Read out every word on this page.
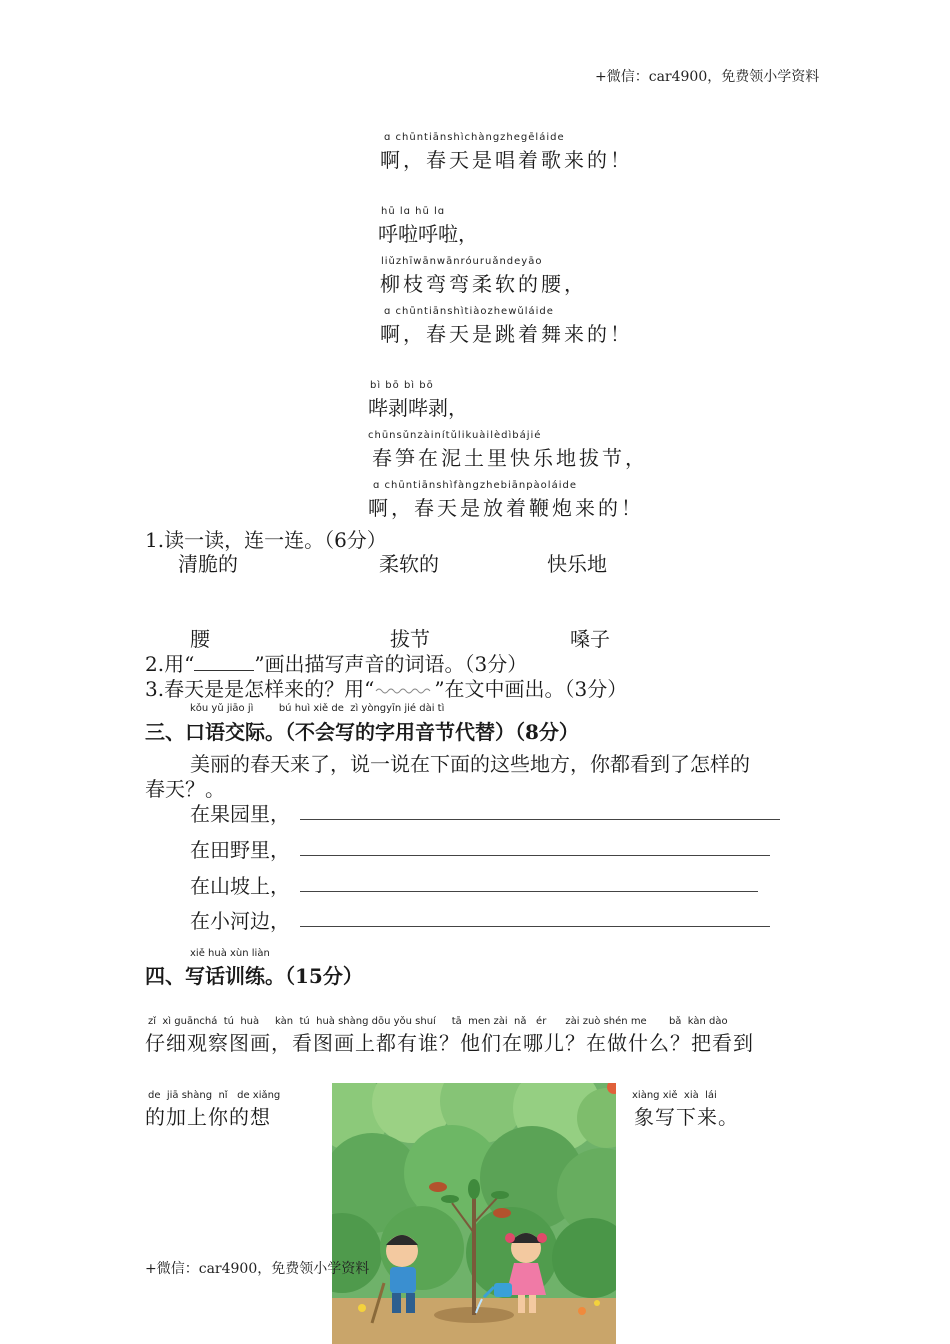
+微信：car4900，免费领小学资料
+微信：car4900，免费领小学资料
ɑ chūntiānshìchàngzhegēláide
啊，春天是唱着歌来的！
hū lɑ hū lɑ
呼啦呼啦，
liǔzhīwānwānróuruǎndeyāo
柳枝弯弯柔软的腰，
ɑ chūntiānshìtiàozhewǔláide
啊，春天是跳着舞来的！
bì bō bì bō
哔剥哔剥，
chūnsǔnzàinítǔlikuàilèdìbájié
春笋在泥土里快乐地拔节，
ɑ chūntiānshìfàngzhebiānpàoláide
啊，春天是放着鞭炮来的！
1.读一读，连一连。（6分）
清脆的	柔软的	快乐地
腰	拔节	嗓子
2.用“	”画出描写声音的词语。（3分）
3.春天是是怎样来的？用“	”在文中画出。（3分）
kǒu yǔ jiāo jì        bú huì xiě de  zì yòngyīn jié dài tì
三、口语交际。（不会写的字用音节代替）（8分）
美丽的春天来了，说一说在下面的这些地方，你都看到了怎样的
春天？。
在果园里，
在田野里，
在山坡上，
在小河边，
xiě huà xùn liàn
四、写话训练。（15分）
zǐ  xì guānchá  tú  huà     kàn  tú  huà shàng dōu yǒu shuí     tā  men zài  nǎ   ér      zài zuò shén me       bǎ  kàn dào
仔细观察图画，看图画上都有谁？他们在哪儿？在做什么？把看到
de  jiā shàng  nǐ   de xiǎng
的加上你的想
xiàng xiě  xià  lái
象写下来。
